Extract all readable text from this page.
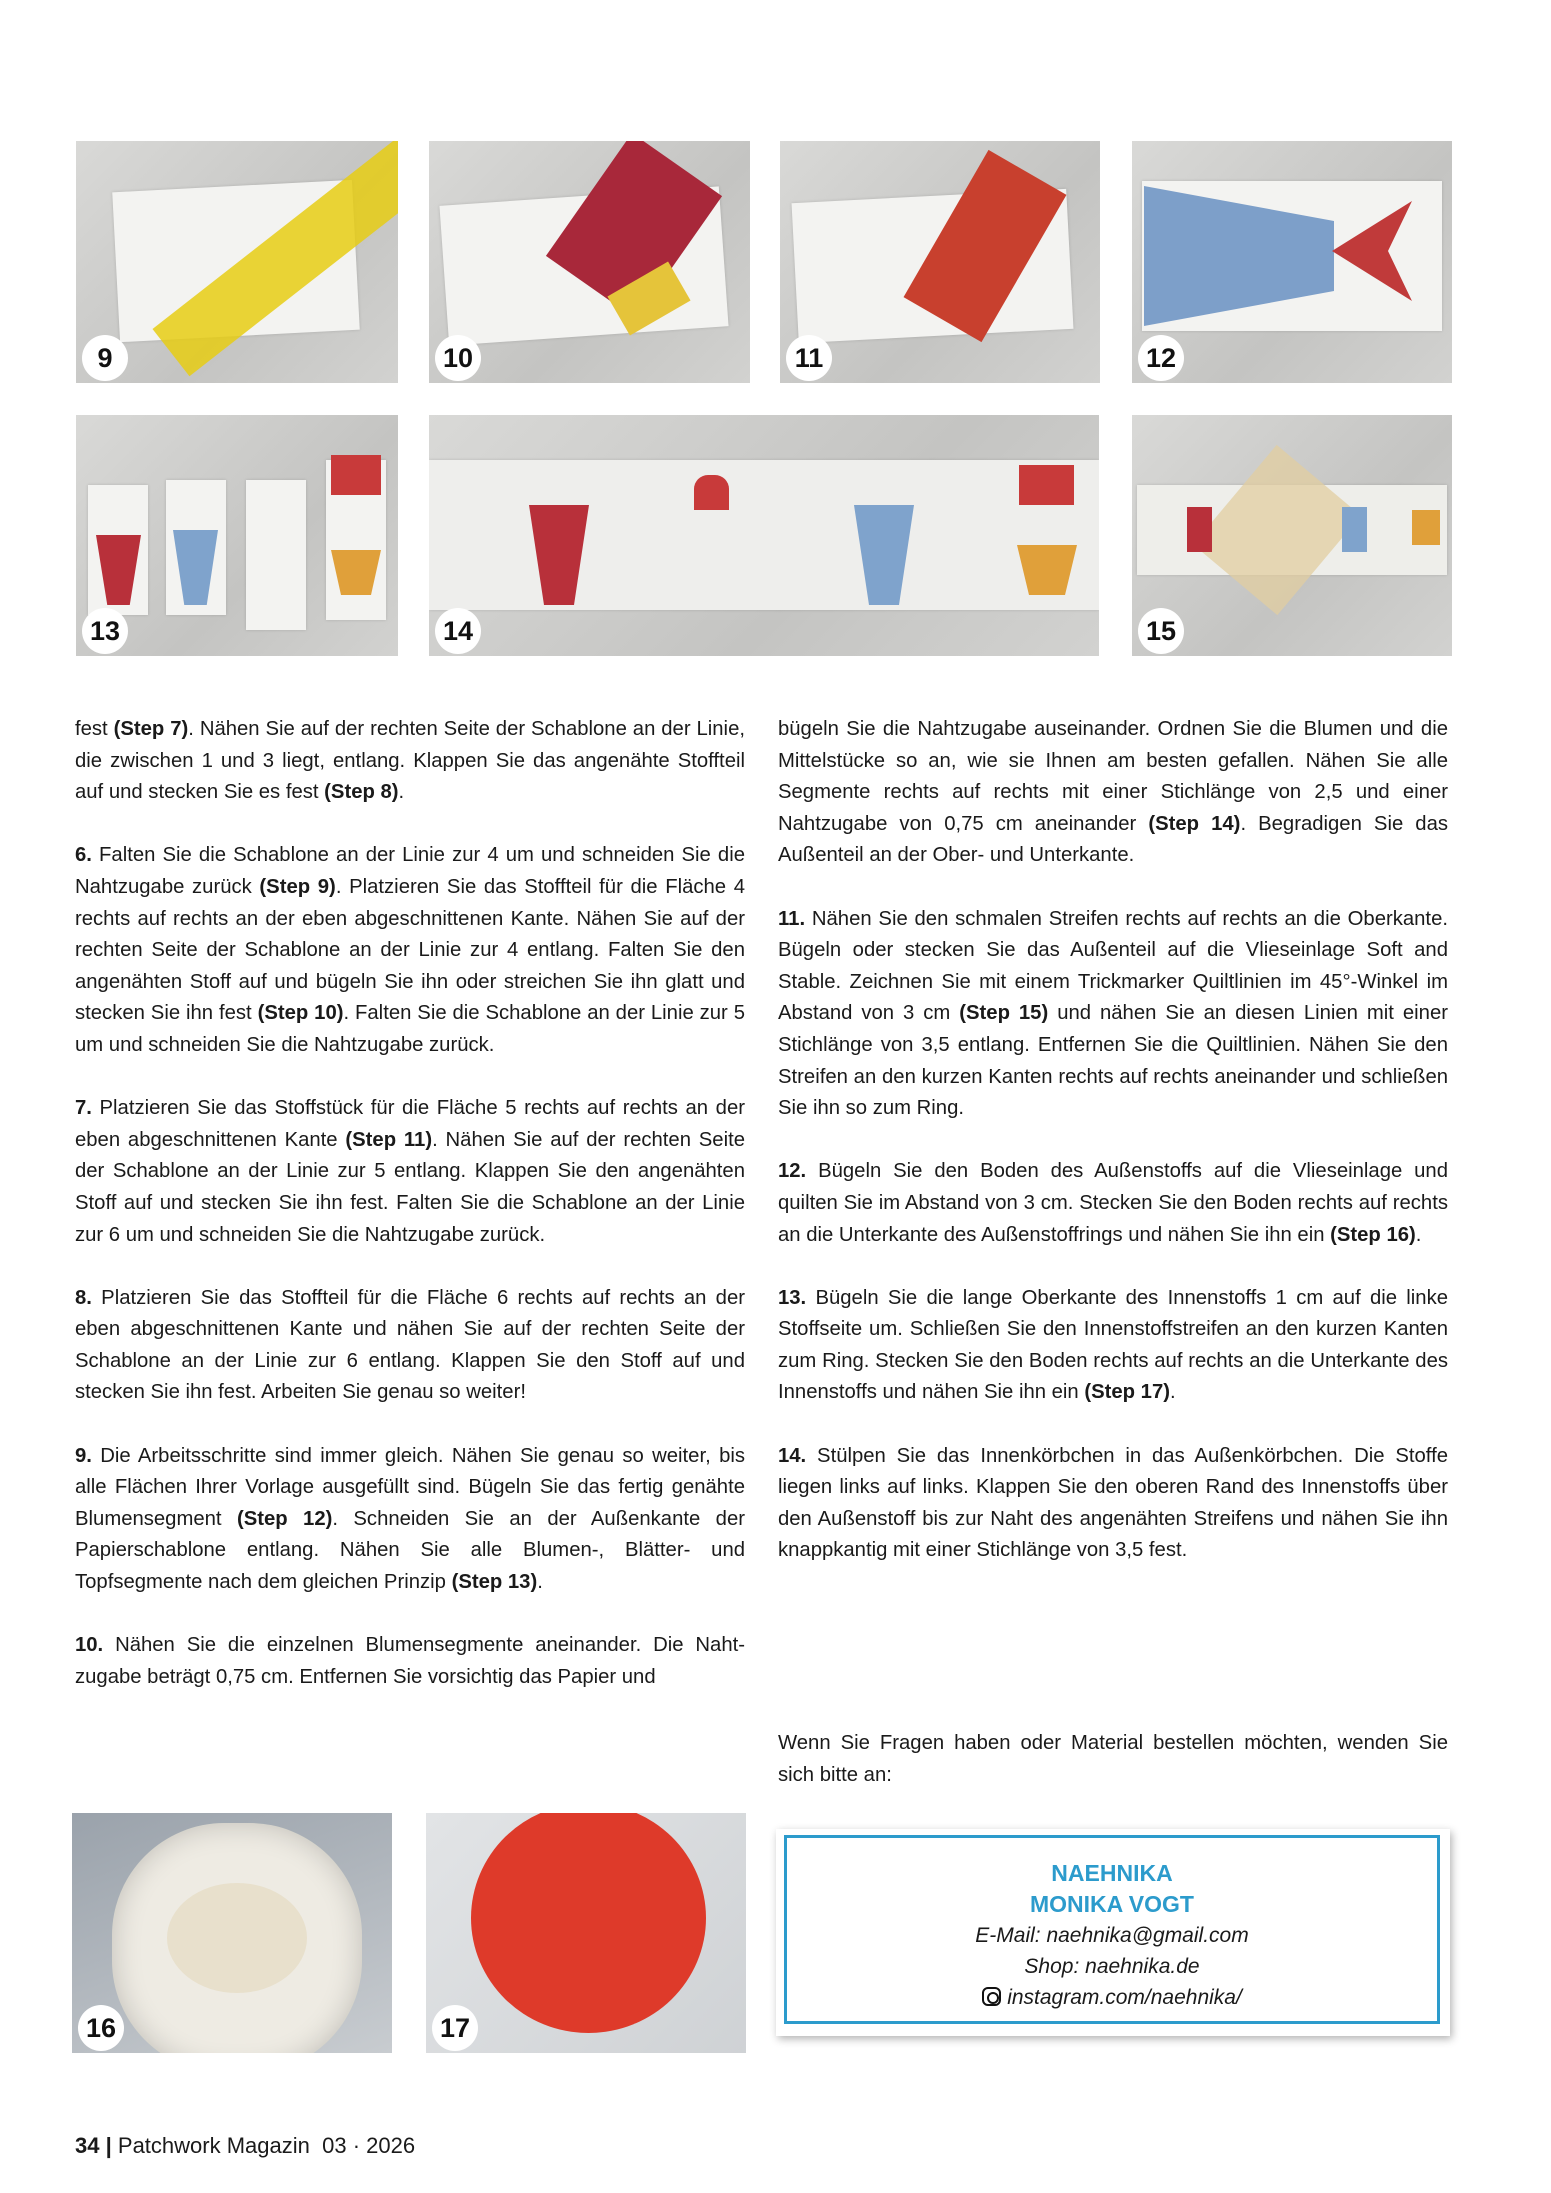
9	10	11	12
13	14	15

fest (Step 7). Nähen Sie auf der rechten Seite der Schablone an der Linie, die zwischen 1 und 3 liegt, entlang. Klappen Sie das angenähte Stoffteil auf und stecken Sie es fest (Step 8).

6. Falten Sie die Schablone an der Linie zur 4 um und schneiden Sie die Nahtzugabe zurück (Step 9). Platzieren Sie das Stoffteil für die Fläche 4 rechts auf rechts an der eben abgeschnittenen Kante. Nähen Sie auf der rechten Seite der Schablone an der Linie zur 4 entlang. Falten Sie den angenähten Stoff auf und bügeln Sie ihn oder streichen Sie ihn glatt und stecken Sie ihn fest (Step 10). Falten Sie die Schablone an der Linie zur 5 um und schneiden Sie die Nahtzugabe zurück.

7. Platzieren Sie das Stoffstück für die Fläche 5 rechts auf rechts an der eben abgeschnittenen Kante (Step 11). Nähen Sie auf der rechten Seite der Schablone an der Linie zur 5 entlang. Klappen Sie den angenähten Stoff auf und stecken Sie ihn fest. Falten Sie die Schablone an der Linie zur 6 um und schneiden Sie die Nahtzugabe zurück.

8. Platzieren Sie das Stoffteil für die Fläche 6 rechts auf rechts an der eben abgeschnittenen Kante und nähen Sie auf der rechten Seite der Schablone an der Linie zur 6 entlang. Klappen Sie den Stoff auf und stecken Sie ihn fest. Arbeiten Sie genau so weiter!

9. Die Arbeitsschritte sind immer gleich. Nähen Sie genau so weiter, bis alle Flächen Ihrer Vorlage ausgefüllt sind. Bügeln Sie das fertig genähte Blumensegment (Step 12). Schneiden Sie an der Außenkante der Papierschablone entlang. Nähen Sie alle Blumen-, Blätter- und Topfsegmente nach dem gleichen Prinzip (Step 13).

10. Nähen Sie die einzelnen Blumensegmente aneinander. Die Nahtzugabe beträgt 0,75 cm. Entfernen Sie vorsichtig das Papier und

bügeln Sie die Nahtzugabe auseinander. Ordnen Sie die Blumen und die Mittelstücke so an, wie sie Ihnen am besten gefallen. Nähen Sie alle Segmente rechts auf rechts mit einer Stichlänge von 2,5 und einer Nahtzugabe von 0,75 cm aneinander (Step 14). Begradigen Sie das Außenteil an der Ober- und Unterkante.

11. Nähen Sie den schmalen Streifen rechts auf rechts an die Oberkante. Bügeln oder stecken Sie das Außenteil auf die Vlieseinlage Soft and Stable. Zeichnen Sie mit einem Trickmarker Quiltlinien im 45°-Winkel im Abstand von 3 cm (Step 15) und nähen Sie an diesen Linien mit einer Stichlänge von 3,5 entlang. Entfernen Sie die Quiltlinien. Nähen Sie den Streifen an den kurzen Kanten rechts auf rechts aneinander und schließen Sie ihn so zum Ring.

12. Bügeln Sie den Boden des Außenstoffs auf die Vlieseinlage und quilten Sie im Abstand von 3 cm. Stecken Sie den Boden rechts auf rechts an die Unterkante des Außenstoffrings und nähen Sie ihn ein (Step 16).

13. Bügeln Sie die lange Oberkante des Innenstoffs 1 cm auf die linke Stoffseite um. Schließen Sie den Innenstoffstreifen an den kurzen Kanten zum Ring. Stecken Sie den Boden rechts auf rechts an die Unterkante des Innenstoffs und nähen Sie ihn ein (Step 17).

14. Stülpen Sie das Innenkörbchen in das Außenkörbchen. Die Stoffe liegen links auf links. Klappen Sie den oberen Rand des Innenstoffs über den Außenstoff bis zur Naht des angenähten Streifens und nähen Sie ihn knappkantig mit einer Stichlänge von 3,5 fest.

Wenn Sie Fragen haben oder Material bestellen möchten, wenden Sie sich bitte an:
16	17
NAEHNIKA
MONIKA VOGT
E-Mail: naehnika@gmail.com
Shop: naehnika.de
instagram.com/naehnika/
34 | Patchwork Magazin 03 · 2026
